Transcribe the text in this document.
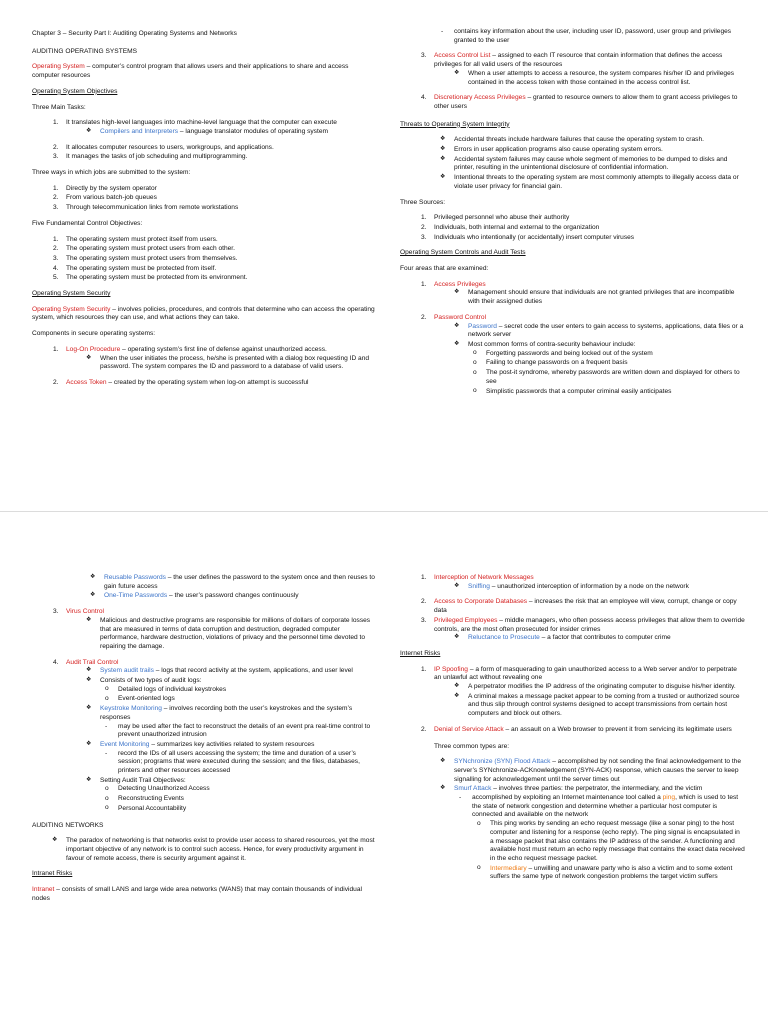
Chapter 3 – Security Part I: Auditing Operating Systems and Networks

AUDITING OPERATING SYSTEMS

Operating System – computer’s control program that allows users and their applications to share and access computer resources

Operating System Objectives

Three Main Tasks:

1. It translates high-level languages into machine-level language that the computer can execute
❖ Compilers and Interpreters – language translator modules of operating system
2. It allocates computer resources to users, workgroups, and applications.
3. It manages the tasks of job scheduling and multiprogramming.

Three ways in which jobs are submitted to the system:

1. Directly by the system operator
2. From various batch-job queues
3. Through telecommunication links from remote workstations

Five Fundamental Control Objectives:

1. The operating system must protect itself from users.
2. The operating system must protect users from each other.
3. The operating system must protect users from themselves.
4. The operating system must be protected from itself.
5. The operating system must be protected from its environment.

Operating System Security

Operating System Security – involves policies, procedures, and controls that determine who can access the operating system, which resources they can use, and what actions they can take.

Components in secure operating systems:

1. Log-On Procedure – operating system’s first line of defense against unauthorized access.
❖ When the user initiates the process, he/she is presented with a dialog box requesting ID and password. The system compares the ID and password to a database of valid users.
2. Access Token – created by the operating system when log-on attempt is successful
- contains key information about the user, including user ID, password, user group and privileges granted to the user
3. Access Control List – assigned to each IT resource that contain information that defines the access privileges for all valid users of the resources
❖ When a user attempts to access a resource, the system compares his/her ID and privileges contained in the access token with those contained in the access control list.
4. Discretionary Access Privileges – granted to resource owners to allow them to grant access privileges to other users

Threats to Operating System Integrity

❖ Accidental threats include hardware failures that cause the operating system to crash.
❖ Errors in user application programs also cause operating system errors.
❖ Accidental system failures may cause whole segment of memories to be dumped to disks and printer, resulting in the unintentional disclosure of confidential information.
❖ Intentional threats to the operating system are most commonly attempts to illegally access data or violate user privacy for financial gain.

Three Sources:

1. Privileged personnel who abuse their authority
2. Individuals, both internal and external to the organization
3. Individuals who intentionally (or accidentally) insert computer viruses

Operating System Controls and Audit Tests

Four areas that are examined:

1. Access Privileges
❖ Management should ensure that individuals are not granted privileges that are incompatible with their assigned duties
2. Password Control
❖ Password – secret code the user enters to gain access to systems, applications, data files or a network server
❖ Most common forms of contra-security behaviour include:
o Forgetting passwords and being locked out of the system
o Failing to change passwords on a frequent basis
o The post-it syndrome, whereby passwords are written down and displayed for others to see
o Simplistic passwords that a computer criminal easily anticipates
❖ Reusable Passwords – the user defines the password to the system once and then reuses to gain future access
❖ One-Time Passwords – the user’s password changes continuously
3. Virus Control
❖ Malicious and destructive programs are responsible for millions of dollars of corporate losses that are measured in terms of data corruption and destruction, degraded computer performance, hardware destruction, violations of privacy and the personnel time devoted to repairing the damage.
4. Audit Trail Control
❖ System audit trails – logs that record activity at the system, applications, and user level
❖ Consists of two types of audit logs:
o Detailed logs of individual keystrokes
o Event-oriented logs
❖ Keystroke Monitoring – involves recording both the user’s keystrokes and the system’s responses
- may be used after the fact to reconstruct the details of an event pra real-time control to prevent unauthorized intrusion
❖ Event Monitoring – summarizes key activities related to system resources
- record the IDs of all users accessing the system; the time and duration of a user’s session; programs that were executed during the session; and the files, databases, printers and other resources accessed
❖ Setting Audit Trail Objectives:
o Detecting Unauthorized Access
o Reconstructing Events
o Personal Accountability

AUDITING NETWORKS

❖ The paradox of networking is that networks exist to provide user access to shared resources, yet the most important objective of any network is to control such access. Hence, for every productivity argument in favour of remote access, there is security argument against it.

Intranet Risks

Intranet – consists of small LANS and large wide area networks (WANS) that may contain thousands of individual nodes

1. Interception of Network Messages
❖ Sniffing – unauthorized interception of information by a node on the network
2. Access to Corporate Databases – increases the risk that an employee will view, corrupt, change or copy data
3. Privileged Employees – middle managers, who often possess access privileges that allow them to override controls, are the most often prosecuted for insider crimes
❖ Reluctance to Prosecute – a factor that contributes to computer crime

Internet Risks

1. IP Spoofing – a form of masquerading to gain unauthorized access to a Web server and/or to perpetrate an unlawful act without revealing one
❖ A perpetrator modifies the IP address of the originating computer to disguise his/her identity.
❖ A criminal makes a message packet appear to be coming from a trusted or authorized source and thus slip through control systems designed to accept transmissions from certain host computers and block out others.
2. Denial of Service Attack – an assault on a Web browser to prevent it from servicing its legitimate users

Three common types are:

❖ SYNchronize (SYN) Flood Attack – accomplished by not sending the final acknowledgement to the server’s SYNchronize-ACKnowledgement (SYN-ACK) response, which causes the server to keep signalling for acknowledgement until the server times out
❖ Smurf Attack – involves three parties: the perpetrator, the intermediary, and the victim
- accomplished by exploiting an Internet maintenance tool called a ping, which is used to test the state of network congestion and determine whether a particular host computer is connected and available on the network
o This ping works by sending an echo request message (like a sonar ping) to the host computer and listening for a response (echo reply). The ping signal is encapsulated in a message packet that also contains the IP address of the sender. A functioning and available host must return an echo reply message that contains the exact data received in the echo request message packet.
o Intermediary – unwilling and unaware party who is also a victim and to some extent suffers the same type of network congestion problems the target victim suffers
